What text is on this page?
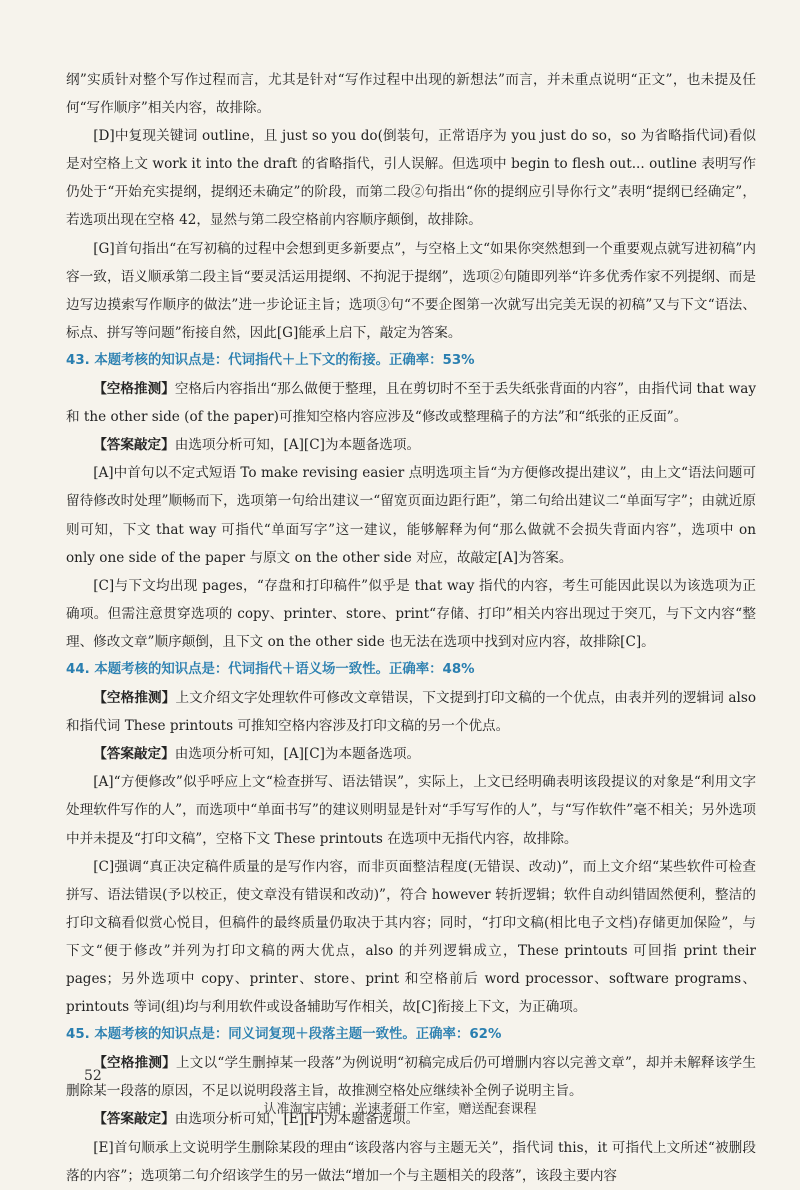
纲”实质针对整个写作过程而言，尤其是针对“写作过程中出现的新想法”而言，并未重点说明“正文”，也未提及任何“写作顺序”相关内容，故排除。

[D]中复现关键词 outline，且 just so you do(倒装句，正常语序为 you just do so，so 为省略指代词)看似是对空格上文 work it into the draft 的省略指代，引人误解。但选项中 begin to flesh out... outline 表明写作仍处于“开始充实提纲，提纲还未确定”的阶段，而第二段②句指出“你的提纲应引导你行文”表明“提纲已经确定”，若选项出现在空格 42，显然与第二段空格前内容顺序颠倒，故排除。

[G]首句指出“在写初稿的过程中会想到更多新要点”，与空格上文“如果你突然想到一个重要观点就写进初稿”内容一致，语义顺承第二段主旨“要灵活运用提纲、不拘泥于提纲”，选项②句随即列举“许多优秀作家不列提纲、而是边写边摸索写作顺序的做法”进一步论证主旨；选项③句“不要企图第一次就写出完美无误的初稿”又与下文“语法、标点、拼写等问题”衔接自然，因此[G]能承上启下，敲定为答案。

43. 本题考核的知识点是：代词指代＋上下文的衔接。正确率：53%

【空格推测】空格后内容指出“那么做便于整理，且在剪切时不至于丢失纸张背面的内容”，由指代词 that way 和 the other side (of the paper)可推知空格内容应涉及“修改或整理稿子的方法”和“纸张的正反面”。

【答案敲定】由选项分析可知，[A][C]为本题备选项。

[A]中首句以不定式短语 To make revising easier 点明选项主旨“为方便修改提出建议”，由上文“语法问题可留待修改时处理”顺畅而下，选项第一句给出建议一“留宽页面边距行距”，第二句给出建议二“单面写字”；由就近原则可知，下文 that way 可指代“单面写字”这一建议，能够解释为何“那么做就不会损失背面内容”，选项中 on only one side of the paper 与原文 on the other side 对应，故敲定[A]为答案。

[C]与下文均出现 pages，“存盘和打印稿件”似乎是 that way 指代的内容，考生可能因此误以为该选项为正确项。但需注意贯穿选项的 copy、printer、store、print“存储、打印”相关内容出现过于突兀，与下文内容“整理、修改文章”顺序颠倒，且下文 on the other side 也无法在选项中找到对应内容，故排除[C]。

44. 本题考核的知识点是：代词指代＋语义场一致性。正确率：48%

【空格推测】上文介绍文字处理软件可修改文章错误，下文提到打印文稿的一个优点，由表并列的逻辑词 also 和指代词 These printouts 可推知空格内容涉及打印文稿的另一个优点。

【答案敲定】由选项分析可知，[A][C]为本题备选项。

[A]“方便修改”似乎呼应上文“检查拼写、语法错误”，实际上，上文已经明确表明该段提议的对象是“利用文字处理软件写作的人”，而选项中“单面书写”的建议则明显是针对“手写写作的人”，与“写作软件”毫不相关；另外选项中并未提及“打印文稿”，空格下文 These printouts 在选项中无指代内容，故排除。

[C]强调“真正决定稿件质量的是写作内容，而非页面整洁程度(无错误、改动)”，而上文介绍“某些软件可检查拼写、语法错误(予以校正，使文章没有错误和改动)”，符合 however 转折逻辑；软件自动纠错固然便利，整洁的打印文稿看似赏心悦目，但稿件的最终质量仍取决于其内容；同时，“打印文稿(相比电子文档)存储更加保险”，与下文“便于修改”并列为打印文稿的两大优点，also 的并列逻辑成立，These printouts 可回指 print their pages；另外选项中 copy、printer、store、print 和空格前后 word processor、software programs、printouts 等词(组)均与利用软件或设备辅助写作相关，故[C]衔接上下文，为正确项。

45. 本题考核的知识点是：同义词复现＋段落主题一致性。正确率：62%

【空格推测】上文以“学生删掉某一段落”为例说明“初稿完成后仍可增删内容以完善文章”，却并未解释该学生删除某一段落的原因，不足以说明段落主旨，故推测空格处应继续补全例子说明主旨。

【答案敲定】由选项分析可知，[E][F]为本题备选项。

[E]首句顺承上文说明学生删除某段的理由“该段落内容与主题无关”，指代词 this，it 可指代上文所述“被删段落的内容”；选项第二句介绍该学生的另一做法“增加一个与主题相关的段落”，该段主要内容

52
认准淘宝店铺：光速考研工作室，赠送配套课程
